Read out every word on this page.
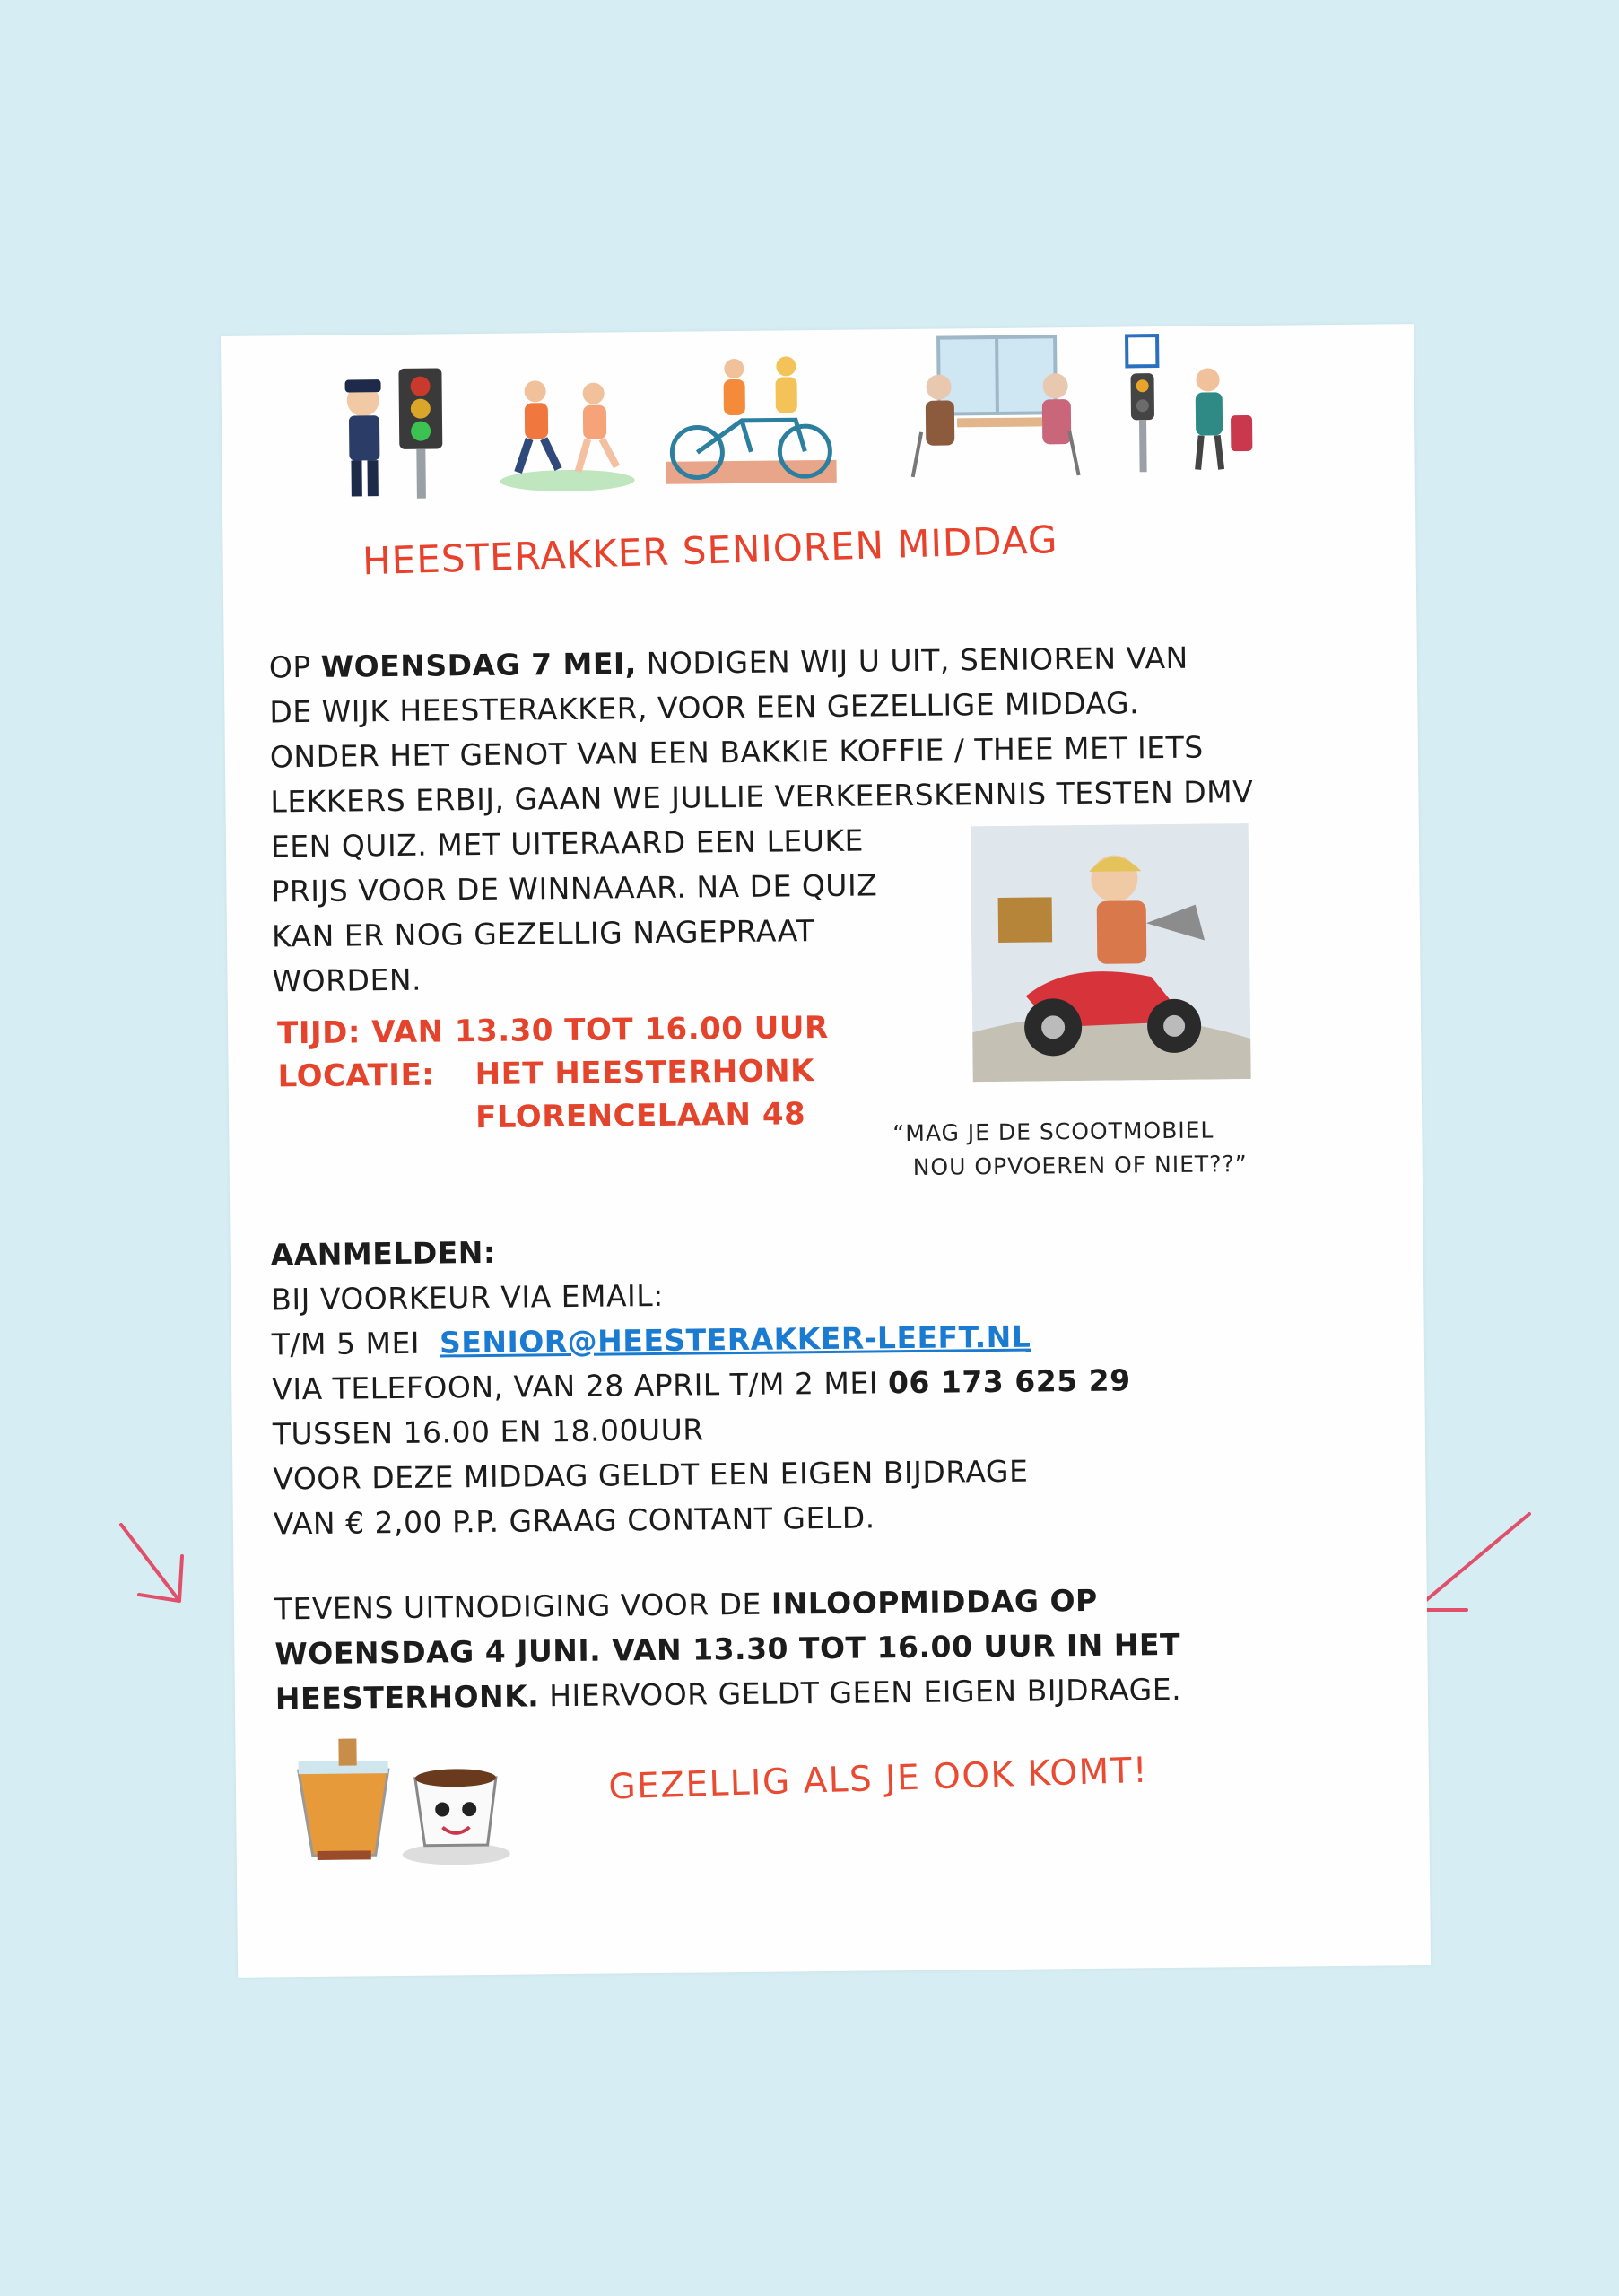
HEESTERAKKER SENIOREN MIDDAG
OP WOENSDAG 7 MEI, NODIGEN WIJ U UIT, SENIOREN VAN
DE WIJK HEESTERAKKER, VOOR EEN GEZELLIGE MIDDAG.
ONDER HET GENOT VAN EEN BAKKIE KOFFIE / THEE MET IETS
LEKKERS ERBIJ, GAAN WE JULLIE VERKEERSKENNIS TESTEN DMV
EEN QUIZ. MET UITERAARD EEN LEUKE
PRIJS VOOR DE WINNAAAR. NA DE QUIZ
KAN ER NOG GEZELLIG NAGEPRAAT
WORDEN.
TIJD: VAN 13.30 TOT 16.00 UUR
LOCATIE: HET HEESTERHONK
FLORENCELAAN 48	“MAG JE DE SCOOTMOBIEL
NOU OPVOEREN OF NIET??”
AANMELDEN:
BIJ VOORKEUR VIA EMAIL:
T/M 5 MEI SENIOR@HEESTERAKKER-LEEFT.NL
VIA TELEFOON, VAN 28 APRIL T/M 2 MEI 06 173 625 29
TUSSEN 16.00 EN 18.00UUR
VOOR DEZE MIDDAG GELDT EEN EIGEN BIJDRAGE
VAN € 2,00 P.P. GRAAG CONTANT GELD.
TEVENS UITNODIGING VOOR DE INLOOPMIDDAG OP
WOENSDAG 4 JUNI. VAN 13.30 TOT 16.00 UUR IN HET
HEESTERHONK. HIERVOOR GELDT GEEN EIGEN BIJDRAGE.
GEZELLIG ALS JE OOK KOMT!
